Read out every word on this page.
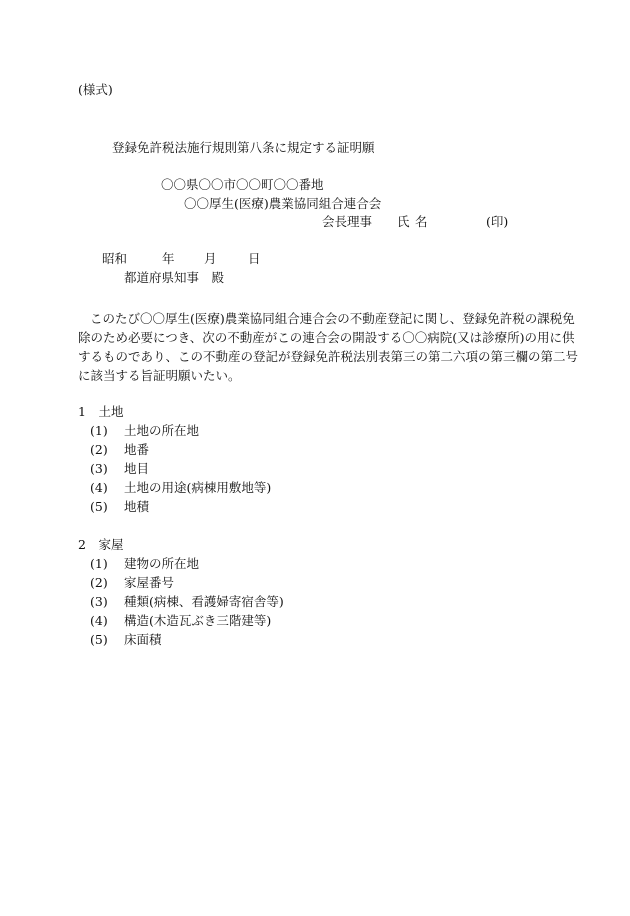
(様式)
登録免許税法施行規則第八条に規定する証明願
〇〇県〇〇市〇〇町〇〇番地
〇〇厚生(医療)農業協同組合連合会
会長理事　　氏 名	(印)
昭和	年 月	日
都道府県知事　殿
このたび〇〇厚生(医療)農業協同組合連合会の不動産登記に関し、登録免許税の課税免
除のため必要につき、次の不動産がこの連合会の開設する〇〇病院(又は診療所)の用に供
するものであり、この不動産の登記が登録免許税法別表第三の第二六項の第三欄の第二号
に該当する旨証明願いたい。
1　土地
(1) 土地の所在地
(2) 地番
(3) 地目
(4) 土地の用途(病棟用敷地等)
(5) 地積
2　家屋
(1) 建物の所在地
(2) 家屋番号
(3) 種類(病棟、看護婦寄宿舎等)
(4) 構造(木造瓦ぶき三階建等)
(5) 床面積
